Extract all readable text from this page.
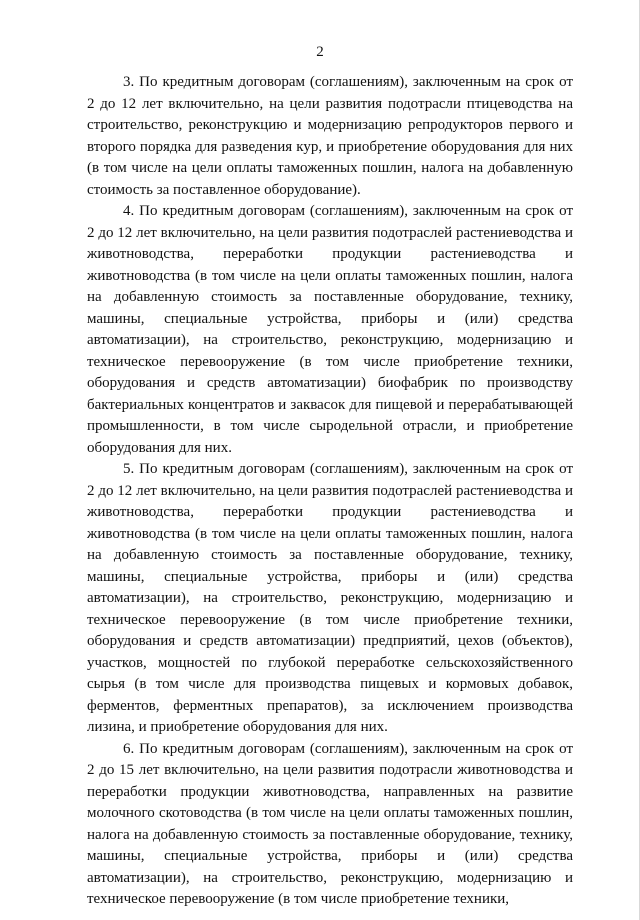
2

3. По кредитным договорам (соглашениям), заключенным на срок от 2 до 12 лет включительно, на цели развития подотрасли птицеводства на строительство, реконструкцию и модернизацию репродукторов первого и второго порядка для разведения кур, и приобретение оборудования для них (в том числе на цели оплаты таможенных пошлин, налога на добавленную стоимость за поставленное оборудование).

4. По кредитным договорам (соглашениям), заключенным на срок от 2 до 12 лет включительно, на цели развития подотраслей растениеводства и животноводства, переработки продукции растениеводства и животноводства (в том числе на цели оплаты таможенных пошлин, налога на добавленную стоимость за поставленные оборудование, технику, машины, специальные устройства, приборы и (или) средства автоматизации), на строительство, реконструкцию, модернизацию и техническое перевооружение (в том числе приобретение техники, оборудования и средств автоматизации) биофабрик по производству бактериальных концентратов и заквасок для пищевой и перерабатывающей промышленности, в том числе сыродельной отрасли, и приобретение оборудования для них.

5. По кредитным договорам (соглашениям), заключенным на срок от 2 до 12 лет включительно, на цели развития подотраслей растениеводства и животноводства, переработки продукции растениеводства и животноводства (в том числе на цели оплаты таможенных пошлин, налога на добавленную стоимость за поставленные оборудование, технику, машины, специальные устройства, приборы и (или) средства автоматизации), на строительство, реконструкцию, модернизацию и техническое перевооружение (в том числе приобретение техники, оборудования и средств автоматизации) предприятий, цехов (объектов), участков, мощностей по глубокой переработке сельскохозяйственного сырья (в том числе для производства пищевых и кормовых добавок, ферментов, ферментных препаратов), за исключением производства лизина, и приобретение оборудования для них.

6. По кредитным договорам (соглашениям), заключенным на срок от 2 до 15 лет включительно, на цели развития подотрасли животноводства и переработки продукции животноводства, направленных на развитие молочного скотоводства (в том числе на цели оплаты таможенных пошлин, налога на добавленную стоимость за поставленные оборудование, технику, машины, специальные устройства, приборы и (или) средства автоматизации), на строительство, реконструкцию, модернизацию и техническое перевооружение (в том числе приобретение техники,
